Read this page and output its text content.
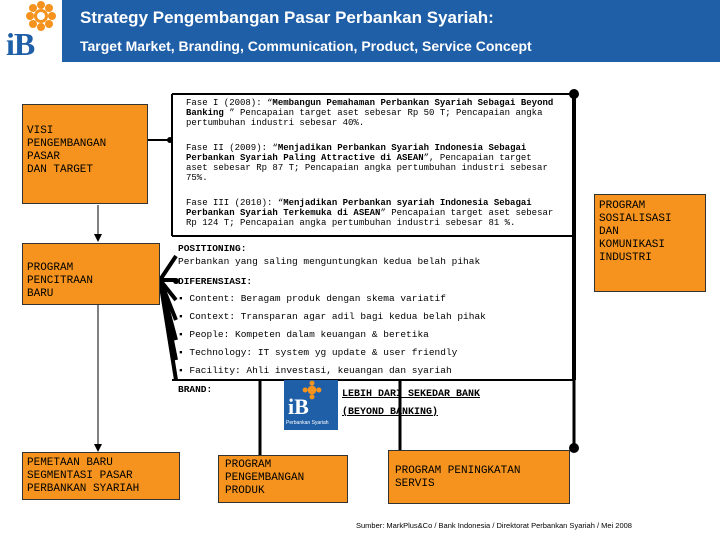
iB
Strategy Pengembangan Pasar Perbankan Syariah:
Target Market, Branding, Communication, Product, Service Concept
VISI
PENGEMBANGAN
PASAR
DAN TARGET
PROGRAM
PENCITRAAN
BARU
Fase I (2008): “Membangun Pemahaman Perbankan Syariah Sebagai Beyond Banking ” Pencapaian target aset sebesar Rp 50 T; Pencapaian angka pertumbuhan industri sebesar 40%.
Fase II (2009): “Menjadikan Perbankan Syariah Indonesia Sebagai Perbankan Syariah Paling Attractive di ASEAN”, Pencapaian target aset sebesar Rp 87 T; Pencapaian angka pertumbuhan industri sebesar 75%.
Fase III (2010): “Menjadikan Perbankan syariah Indonesia Sebagai Perbankan Syariah Terkemuka di ASEAN” Pencapaian target aset sebesar Rp 124 T; Pencapaian angka pertumbuhan industri sebesar 81 %.
PROGRAM
SOSIALISASI
DAN
KOMUNIKASI
INDUSTRI
POSITIONING:
Perbankan yang saling menguntungkan kedua belah pihak
DIFERENSIASI:
▪ Content: Beragam produk dengan skema variatif
▪ Context: Transparan agar adil bagi kedua belah pihak
▪ People: Kompeten dalam keuangan & beretika
▪ Technology: IT system yg update & user friendly
▪ Facility: Ahli investasi, keuangan dan syariah
BRAND:
iB
Perbankan Syariah
LEBIH DARI SEKEDAR BANK
(BEYOND BANKING)
PEMETAAN BARU
SEGMENTASI PASAR
PERBANKAN SYARIAH
PROGRAM
PENGEMBANGAN
PRODUK
PROGRAM PENINGKATAN
SERVIS
Sumber: MarkPlus&Co / Bank Indonesia / Direktorat Perbankan Syariah / Mei 2008
